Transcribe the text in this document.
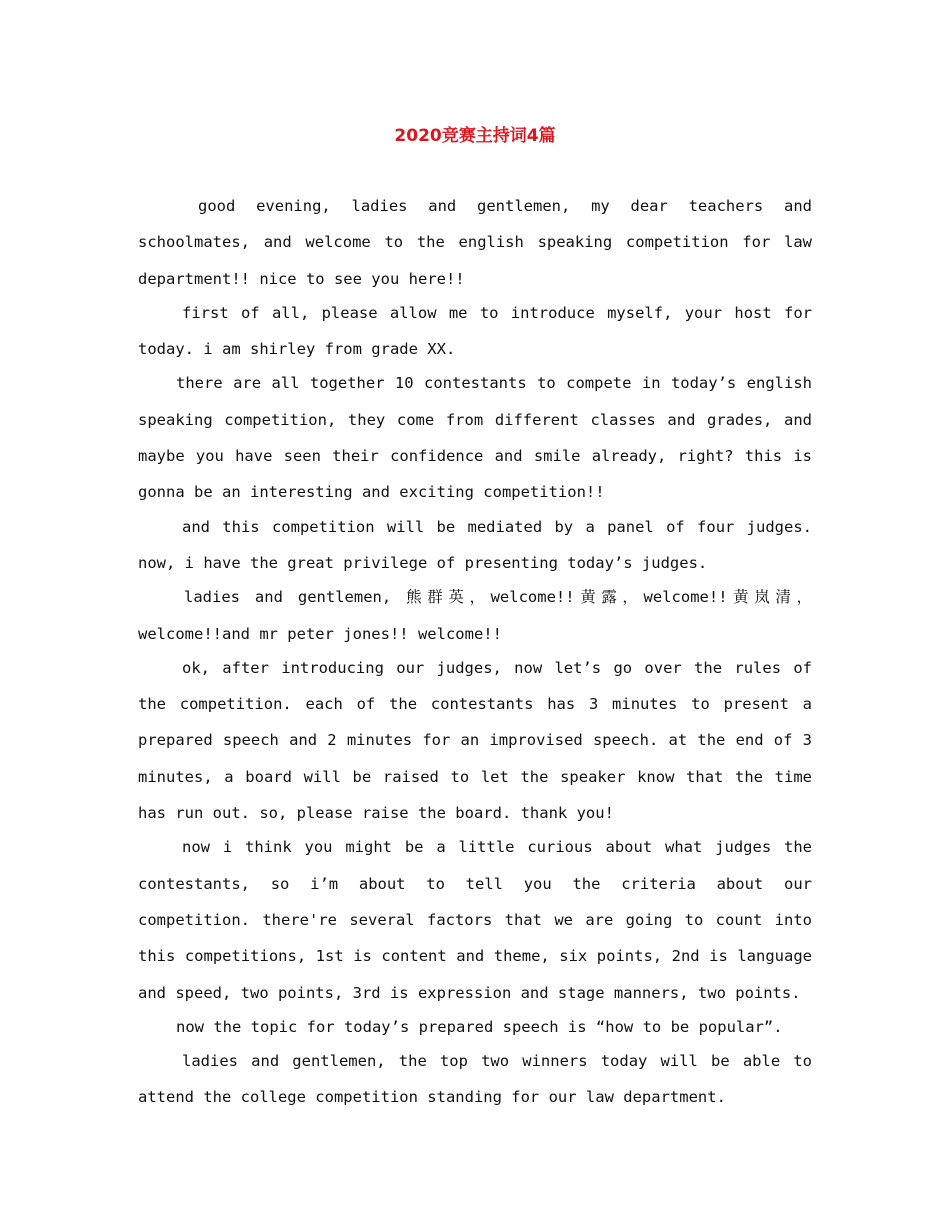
2020竞赛主持词4篇

good evening, ladies and gentlemen, my dear teachers and schoolmates, and welcome to the english speaking competition for law department!! nice to see you here!!

first of all, please allow me to introduce myself, your host for today. i am shirley from grade XX.

there are all together 10 contestants to compete in today’s english speaking competition, they come from different classes and grades, and maybe you have seen their confidence and smile already, right? this is gonna be an interesting and exciting competition!!

and this competition will be mediated by a panel of four judges. now, i have the great privilege of presenting today’s judges.

ladies and gentlemen, 熊群英，welcome!!黄露，welcome!!黄岚清，welcome!!and mr peter jones!! welcome!!

ok, after introducing our judges, now let’s go over the rules of the competition. each of the contestants has 3 minutes to present a prepared speech and 2 minutes for an improvised speech. at the end of 3 minutes, a board will be raised to let the speaker know that the time has run out. so, please raise the board. thank you!

now i think you might be a little curious about what judges the contestants, so i’m about to tell you the criteria about our competition. there're several factors that we are going to count into this competitions, 1st is content and theme, six points, 2nd is language and speed, two points, 3rd is expression and stage manners, two points.

now the topic for today’s prepared speech is “how to be popular”.

ladies and gentlemen, the top two winners today will be able to attend the college competition standing for our law department.
